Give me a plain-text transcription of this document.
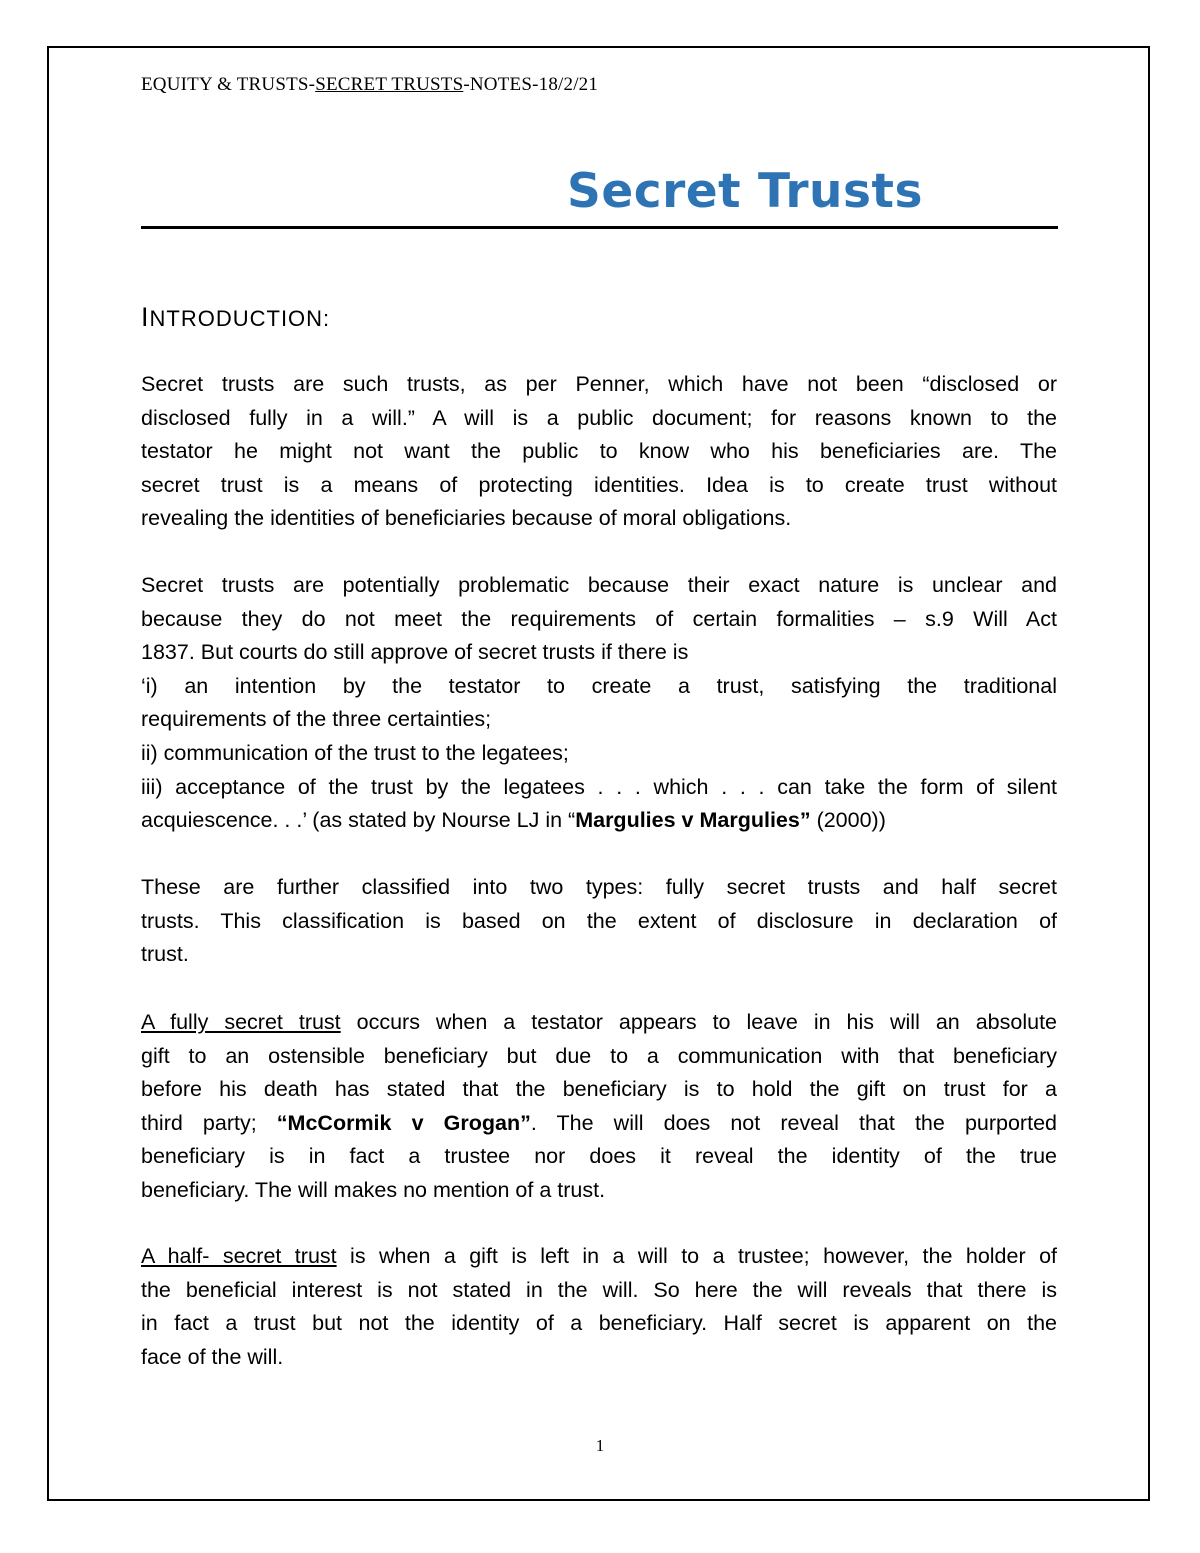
EQUITY & TRUSTS-SECRET TRUSTS-NOTES-18/2/21
Secret Trusts
INTRODUCTION:
Secret trusts are such trusts, as per Penner, which have not been “disclosed or
disclosed fully in a will.” A will is a public document; for reasons known to the
testator he might not want the public to know who his beneficiaries are. The
secret trust is a means of protecting identities. Idea is to create trust without
revealing the identities of beneficiaries because of moral obligations.
Secret trusts are potentially problematic because their exact nature is unclear and
because they do not meet the requirements of certain formalities – s.9 Will Act
1837. But courts do still approve of secret trusts if there is
‘i) an intention by the testator to create a trust, satisfying the traditional
requirements of the three certainties;
ii) communication of the trust to the legatees;
iii) acceptance of the trust by the legatees . . . which . . . can take the form of silent
acquiescence. . .’ (as stated by Nourse LJ in “Margulies v Margulies” (2000))
These are further classified into two types: fully secret trusts and half secret
trusts. This classification is based on the extent of disclosure in declaration of
trust.
A fully secret trust occurs when a testator appears to leave in his will an absolute
gift to an ostensible beneficiary but due to a communication with that beneficiary
before his death has stated that the beneficiary is to hold the gift on trust for a
third party; “McCormik v Grogan”. The will does not reveal that the purported
beneficiary is in fact a trustee nor does it reveal the identity of the true
beneficiary. The will makes no mention of a trust.
A half- secret trust is when a gift is left in a will to a trustee; however, the holder of
the beneficial interest is not stated in the will. So here the will reveals that there is
in fact a trust but not the identity of a beneficiary. Half secret is apparent on the
face of the will.
1
